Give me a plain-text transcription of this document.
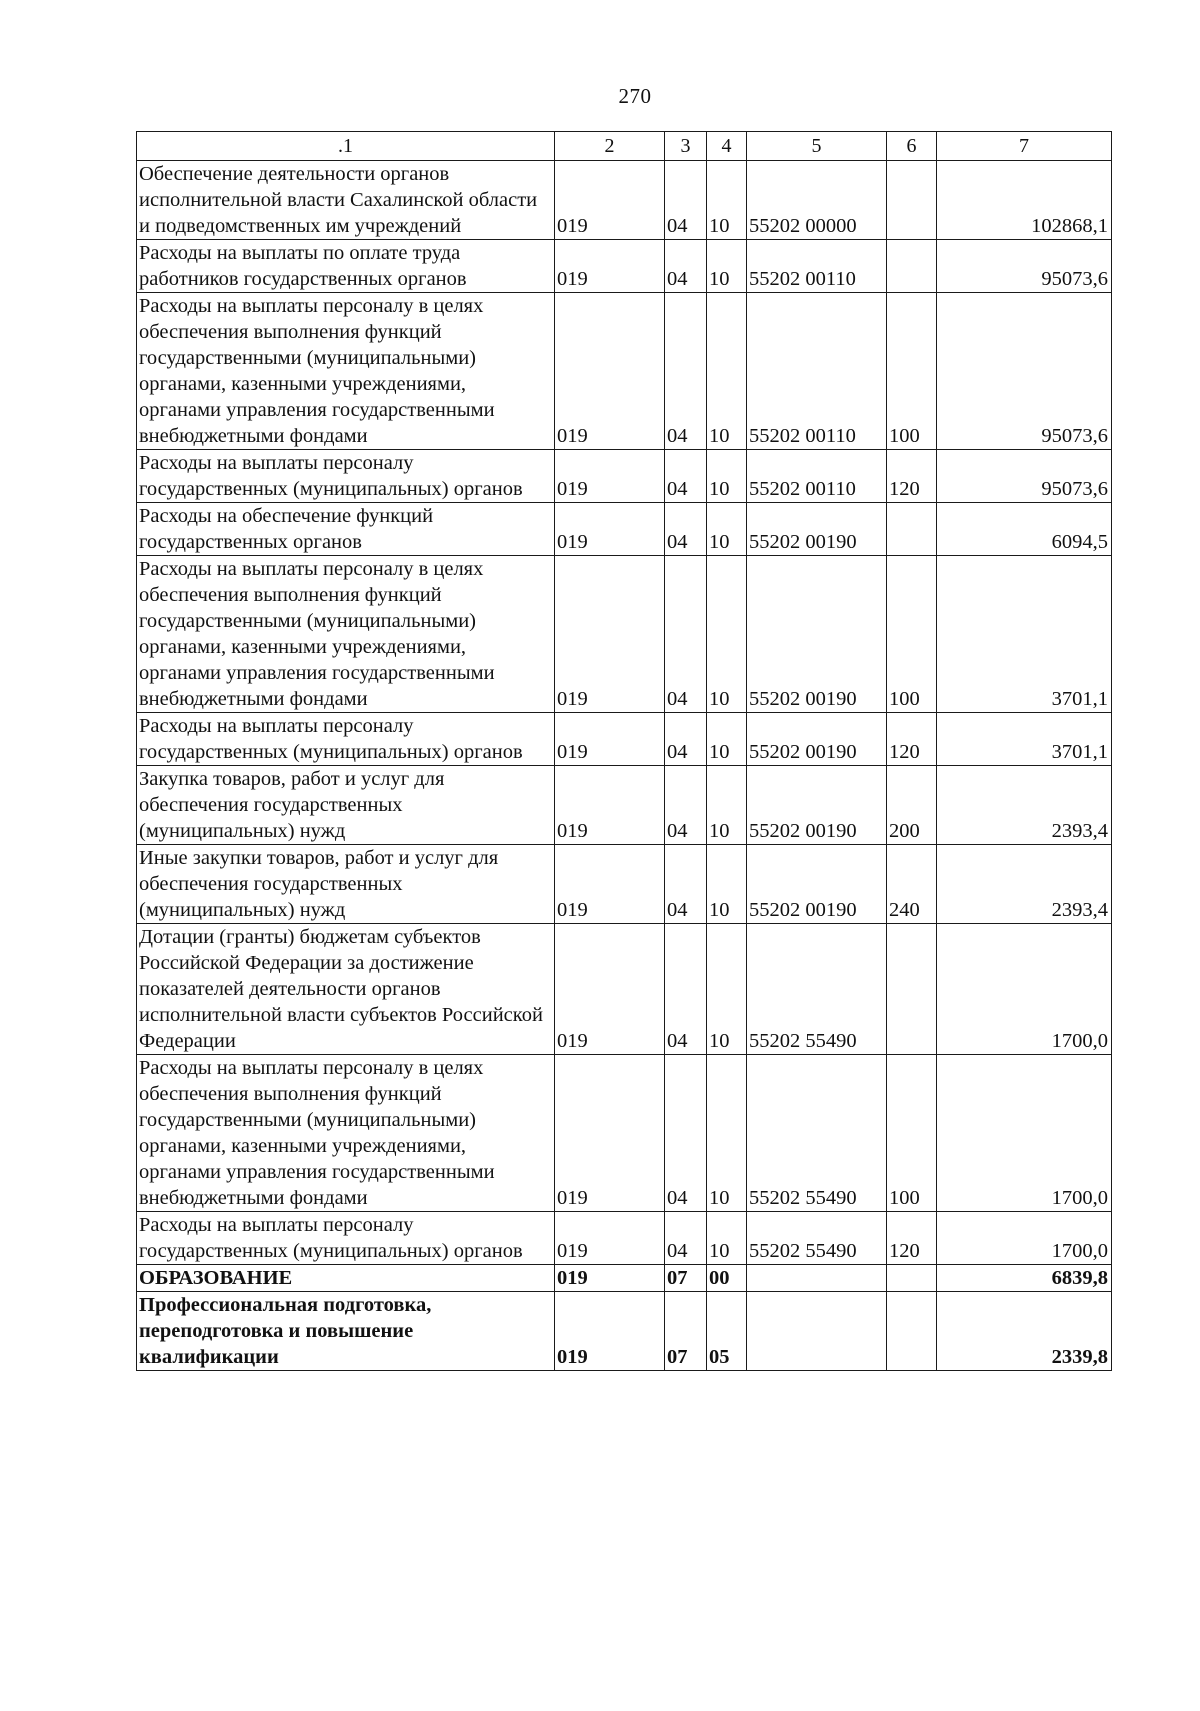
270
.1	2	3	4	5	6	7
Обеспечение деятельности органов исполнительной власти Сахалинской области и подведомственных им учреждений	019	04	10	55202 00000		102868,1
Расходы на выплаты по оплате труда работников государственных органов	019	04	10	55202 00110		95073,6
Расходы на выплаты персоналу в целях обеспечения выполнения функций государственными (муниципальными) органами, казенными учреждениями, органами управления государственными внебюджетными фондами	019	04	10	55202 00110	100	95073,6
Расходы на выплаты персоналу государственных (муниципальных) органов	019	04	10	55202 00110	120	95073,6
Расходы на обеспечение функций государственных органов	019	04	10	55202 00190		6094,5
Расходы на выплаты персоналу в целях обеспечения выполнения функций государственными (муниципальными) органами, казенными учреждениями, органами управления государственными внебюджетными фондами	019	04	10	55202 00190	100	3701,1
Расходы на выплаты персоналу государственных (муниципальных) органов	019	04	10	55202 00190	120	3701,1
Закупка товаров, работ и услуг для обеспечения государственных (муниципальных) нужд	019	04	10	55202 00190	200	2393,4
Иные закупки товаров, работ и услуг для обеспечения государственных (муниципальных) нужд	019	04	10	55202 00190	240	2393,4
Дотации (гранты) бюджетам субъектов Российской Федерации за достижение показателей деятельности органов исполнительной власти субъектов Российской Федерации	019	04	10	55202 55490		1700,0
Расходы на выплаты персоналу в целях обеспечения выполнения функций государственными (муниципальными) органами, казенными учреждениями, органами управления государственными внебюджетными фондами	019	04	10	55202 55490	100	1700,0
Расходы на выплаты персоналу государственных (муниципальных) органов	019	04	10	55202 55490	120	1700,0
ОБРАЗОВАНИЕ	019	07	00			6839,8
Профессиональная подготовка, переподготовка и повышение квалификации	019	07	05			2339,8
